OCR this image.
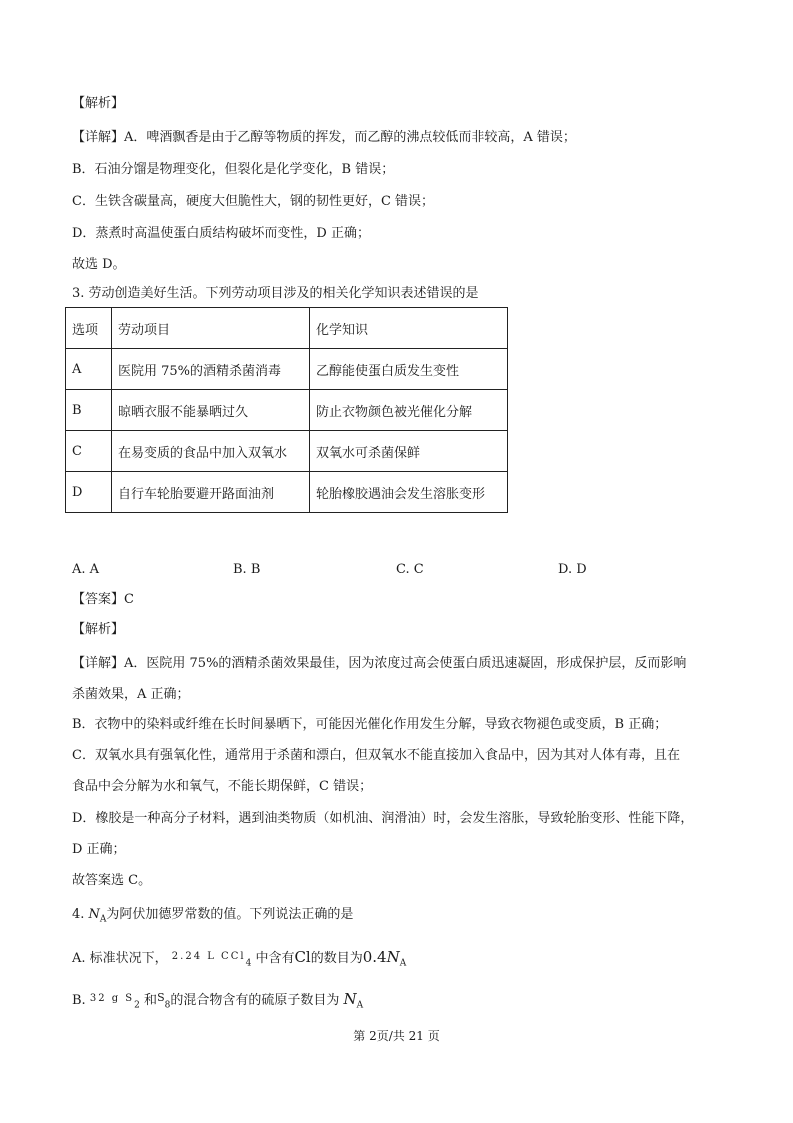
【解析】
【详解】A．啤酒飘香是由于乙醇等物质的挥发，而乙醇的沸点较低而非较高，A 错误；
B．石油分馏是物理变化，但裂化是化学变化，B 错误；
C．生铁含碳量高，硬度大但脆性大，钢的韧性更好，C 错误；
D．蒸煮时高温使蛋白质结构破坏而变性，D 正确；
故选 D。
3. 劳动创造美好生活。下列劳动项目涉及的相关化学知识表述错误的是
选项	劳动项目	化学知识
A	医院用 75%的酒精杀菌消毒	乙醇能使蛋白质发生变性
B	晾晒衣服不能暴晒过久	防止衣物颜色被光催化分解
C	在易变质的食品中加入双氧水	双氧水可杀菌保鲜
D	自行车轮胎要避开路面油剂	轮胎橡胶遇油会发生溶胀变形
A. A	B. B	C. C	D. D
【答案】C
【解析】
【详解】A．医院用 75%的酒精杀菌效果最佳，因为浓度过高会使蛋白质迅速凝固，形成保护层，反而影响
杀菌效果，A 正确；
B．衣物中的染料或纤维在长时间暴晒下，可能因光催化作用发生分解，导致衣物褪色或变质，B 正确；
C．双氧水具有强氧化性，通常用于杀菌和漂白，但双氧水不能直接加入食品中，因为其对人体有毒，且在
食品中会分解为水和氧气，不能长期保鲜，C 错误；
D．橡胶是一种高分子材料，遇到油类物质（如机油、润滑油）时，会发生溶胀，导致轮胎变形、性能下降，
D 正确；
故答案选 C。
4. $N_A$为阿伏加德罗常数的值。下列说法正确的是
A. 标准状况下， $^{2.24 L CCl}_4$ 中含有Cl的数目为$0.4N_A$
B. $^{32 g S}_2$ 和$^S_8$的混合物含有的硫原子数目为 $N_A$
第 2页/共 21 页
